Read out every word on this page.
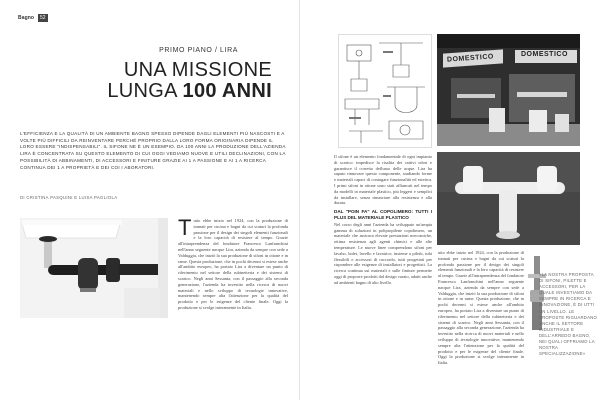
Bagno	52
PRIMO PIANO / LIRA
UNA MISSIONE
LUNGA 100 ANNI
L'EFFICIENZA E LA QUALITÀ DI UN AMBIENTE BAGNO SPESSO DIPENDE DAGLI ELEMENTI PIÙ NASCOSTI E A VOLTE PIÙ DIFFICILI DA REINVENTARE PERCHÉ PROPRIO DALLA LORO FORMA ORIGINARIA DIPENDE IL LORO ESSERE "INDISPENSABILI". IL SIFONE NE È UN ESEMPIO. DA 100 ANNI LA PRODUZIONE DELL'AZIENDA LIRA È CONCENTRATA SU QUESTO ELEMENTO DI CUI OGGI VEDIAMO NUOVE E UTILI DECLINAZIONI, CON LA POSSIBILITÀ DI ABBINAMENTI, DI ACCESSORI E FINITURE GRAZIE AI 1 A PASSIONE E AI 1 A RICERCA CONTINUA DEI 1 A PROPRIETÀ E DEI COI I ABORATORI.
DI CRISTINA PASQUINI E LUISA PAGLIOLA
T utto ebbe inizio nel 1924, con la produzione di tonnati per cucina e bagni da cui scaturì la profonda passione per il design dei singoli elementi funzionali e la loro capacità di resistere al tempo. Grazie all'intraprendenza del fondatore Francesco Lanfranchini nell'anno seguente nacque Lira, azienda da sempre con sede a Valduggia, che iniziò la sua produzione di sifoni in ottone e in rame. Questa produzione, che in pochi decenni si estese anche all'ambito europeo, ha portato Lira a diventare un punto di riferimento nel settore della rubinetteria e dei sistemi di scarico. Negli anni Sessanta, con il passaggio alla seconda generazione, l'azienda ha investito nella ricerca di nuovi materiali e nello sviluppo di tecnologie innovative, mantenendo sempre alta l'attenzione per la qualità del prodotto e per le esigenze del cliente finale. Oggi la produzione si svolge interamente in Italia.

DOMESTICO	DOMESTICO

Il sifone è un elemento fondamentale di ogni impianto di scarico: impedisce la risalita dei cattivi odori e garantisce il corretto deflusso delle acque. Lira ha saputo rinnovare questo componente, studiando forme e materiali capaci di coniugare funzionalità ed estetica. I primi sifoni in ottone sono stati affiancati nel tempo da modelli in materiale plastico, più leggeri e semplici da installare, senza rinunciare alla resistenza e alla durata.

DAL "POIN FA" AL COPOLIMERO: TUTTI I PLUS DEL MATERIALE PLASTICO

Nel corso degli anni l'azienda ha sviluppato un'ampia gamma di soluzioni in polipropilene copolimero, un materiale che assicura elevate prestazioni meccaniche, ottima resistenza agli agenti chimici e alle alte temperature. Le nuove linee comprendono sifoni per lavabo, bidet, lavello e lavatrice, insieme a piletti, tubi flessibili e accessori di raccordo, tutti progettati per rispondere alle esigenze di installatori e progettisti. La ricerca continua sui materiali e sulle finiture permette oggi di proporre prodotti dal design curato, adatti anche ad ambienti bagno di alto livello.

utto ebbe inizio nel 1924, con la produzione di tonnati per cucina e bagni da cui scaturì la profonda passione per il design dei singoli elementi funzionali e la loro capacità di resistere al tempo. Grazie all'intraprendenza del fondatore Francesco Lanfranchini nell'anno seguente nacque Lira, azienda da sempre con sede a Valduggia, che iniziò la sua produzione di sifoni in ottone e in rame. Questa produzione, che in pochi decenni si estese anche all'ambito europeo, ha portato Lira a diventare un punto di riferimento nel settore della rubinetteria e dei sistemi di scarico. Negli anni Sessanta, con il passaggio alla seconda generazione, l'azienda ha investito nella ricerca di nuovi materiali e nello sviluppo di tecnologie innovative, mantenendo sempre alta l'attenzione per la qualità del prodotto e per le esigenze del cliente finale. Oggi la produzione si svolge interamente in Italia.

«LA NOSTRA PROPOSTA DI SIFONI, PILETTE E ACCESSORI, PER LA QUALE INVESTIAMO DA SEMPRE IN RICERCA E INNOVAZIONE, È DI UTTI UN LIVELLO. LE PROPOSTE RIGUARDANO ANCHE IL SETTORE INDUSTRIALE E DELL'ARREDO BAGNO, NEI QUALI OFFRIAMO LA NOSTRA SPECIALIZZAZIONE»
